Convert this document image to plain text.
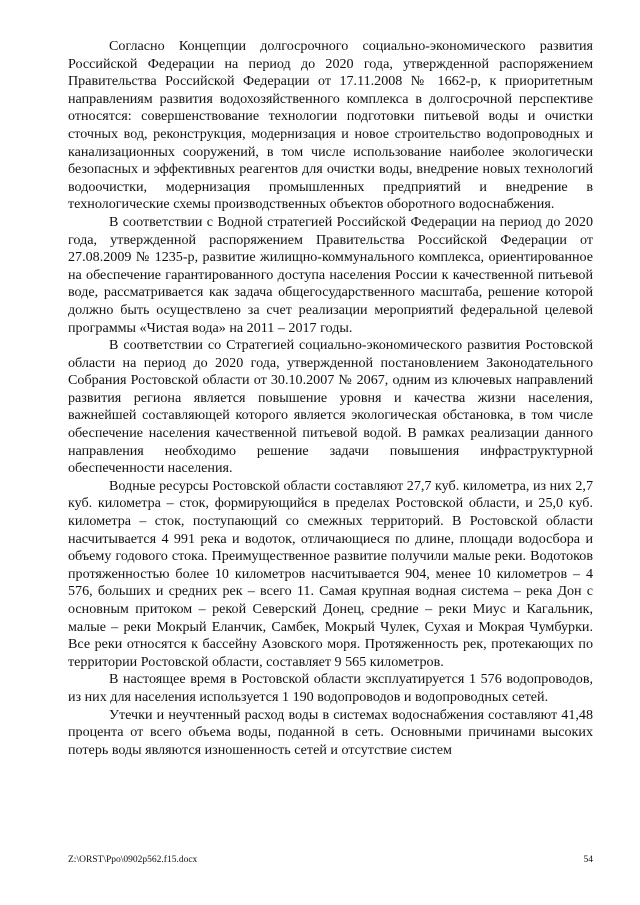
Согласно Концепции долгосрочного социально-экономического развития Российской Федерации на период до 2020 года, утвержденной распоряжением Правительства Российской Федерации от 17.11.2008 № 1662-р, к приоритетным направлениям развития водохозяйственного комплекса в долгосрочной перспективе относятся: совершенствование технологии подготовки питьевой воды и очистки сточных вод, реконструкция, модернизация и новое строительство водопроводных и канализационных сооружений, в том числе использование наиболее экологически безопасных и эффективных реагентов для очистки воды, внедрение новых технологий водоочистки, модернизация промышленных предприятий и внедрение в технологические схемы производственных объектов оборотного водоснабжения.

В соответствии с Водной стратегией Российской Федерации на период до 2020 года, утвержденной распоряжением Правительства Российской Федерации от 27.08.2009 № 1235-р, развитие жилищно-коммунального комплекса, ориентированное на обеспечение гарантированного доступа населения России к качественной питьевой воде, рассматривается как задача общегосударственного масштаба, решение которой должно быть осуществлено за счет реализации мероприятий федеральной целевой программы «Чистая вода» на 2011 – 2017 годы.

В соответствии со Стратегией социально-экономического развития Ростовской области на период до 2020 года, утвержденной постановлением Законодательного Собрания Ростовской области от 30.10.2007 № 2067, одним из ключевых направлений развития региона является повышение уровня и качества жизни населения, важнейшей составляющей которого является экологическая обстановка, в том числе обеспечение населения качественной питьевой водой. В рамках реализации данного направления необходимо решение задачи повышения инфраструктурной обеспеченности населения.

Водные ресурсы Ростовской области составляют 27,7 куб. километра, из них 2,7 куб. километра – сток, формирующийся в пределах Ростовской области, и 25,0 куб. километра – сток, поступающий со смежных территорий. В Ростовской области насчитывается 4 991 река и водоток, отличающиеся по длине, площади водосбора и объему годового стока. Преимущественное развитие получили малые реки. Водотоков протяженностью более 10 километров насчитывается 904, менее 10 километров – 4 576, больших и средних рек – всего 11. Самая крупная водная система – река Дон с основным притоком – рекой Северский Донец, средние – реки Миус и Кагальник, малые – реки Мокрый Еланчик, Самбек, Мокрый Чулек, Сухая и Мокрая Чумбурки. Все реки относятся к бассейну Азовского моря. Протяженность рек, протекающих по территории Ростовской области, составляет 9 565 километров.

В настоящее время в Ростовской области эксплуатируется 1 576 водопроводов, из них для населения используется 1 190 водопроводов и водопроводных сетей.

Утечки и неучтенный расход воды в системах водоснабжения составляют 41,48 процента от всего объема воды, поданной в сеть. Основными причинами высоких потерь воды являются изношенность сетей и отсутствие систем

Z:\ORST\Ppo\0902p562.f15.docx	54
